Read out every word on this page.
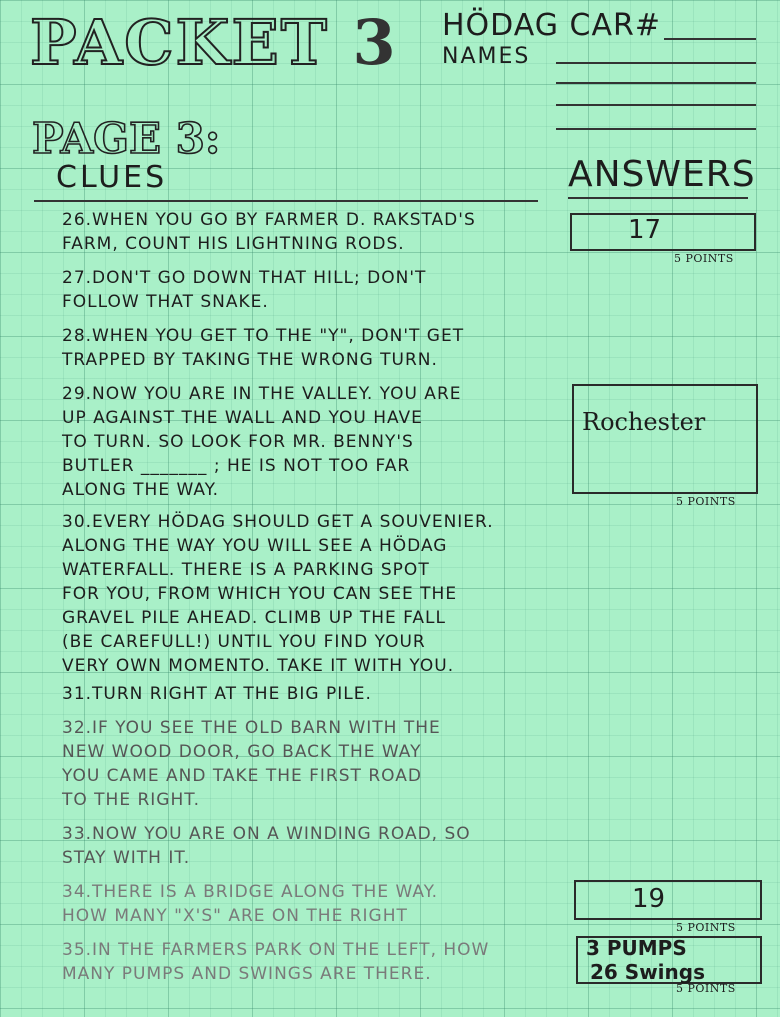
PACKET 3 HÖDAG CAR#
NAMES
PAGE 3:
CLUES	ANSWERS
26.WHEN YOU GO BY FARMER D. RAKSTAD'S
FARM, COUNT HIS LIGHTNING RODS.
27.DON'T GO DOWN THAT HILL; DON'T
FOLLOW THAT SNAKE.
28.WHEN YOU GET TO THE "Y", DON'T GET
TRAPPED BY TAKING THE WRONG TURN.
29.NOW YOU ARE IN THE VALLEY. YOU ARE
UP AGAINST THE WALL AND YOU HAVE
TO TURN. SO LOOK FOR MR. BENNY'S
BUTLER _______ ; HE IS NOT TOO FAR
ALONG THE WAY.
30.EVERY HÖDAG SHOULD GET A SOUVENIER.
ALONG THE WAY YOU WILL SEE A HÖDAG
WATERFALL. THERE IS A PARKING SPOT
FOR YOU, FROM WHICH YOU CAN SEE THE
GRAVEL PILE AHEAD. CLIMB UP THE FALL
(BE CAREFULL!) UNTIL YOU FIND YOUR
VERY OWN MOMENTO. TAKE IT WITH YOU.
31.TURN RIGHT AT THE BIG PILE.
32.IF YOU SEE THE OLD BARN WITH THE
NEW WOOD DOOR, GO BACK THE WAY
YOU CAME AND TAKE THE FIRST ROAD
TO THE RIGHT.
33.NOW YOU ARE ON A WINDING ROAD, SO
STAY WITH IT.
34.THERE IS A BRIDGE ALONG THE WAY.
HOW MANY "X'S" ARE ON THE RIGHT
35.IN THE FARMERS PARK ON THE LEFT, HOW
MANY PUMPS AND SWINGS ARE THERE.
17
5 POINTS
Rochester
5 POINTS
19
5 POINTS
3 PUMPS
26 Swings
5 POINTS
